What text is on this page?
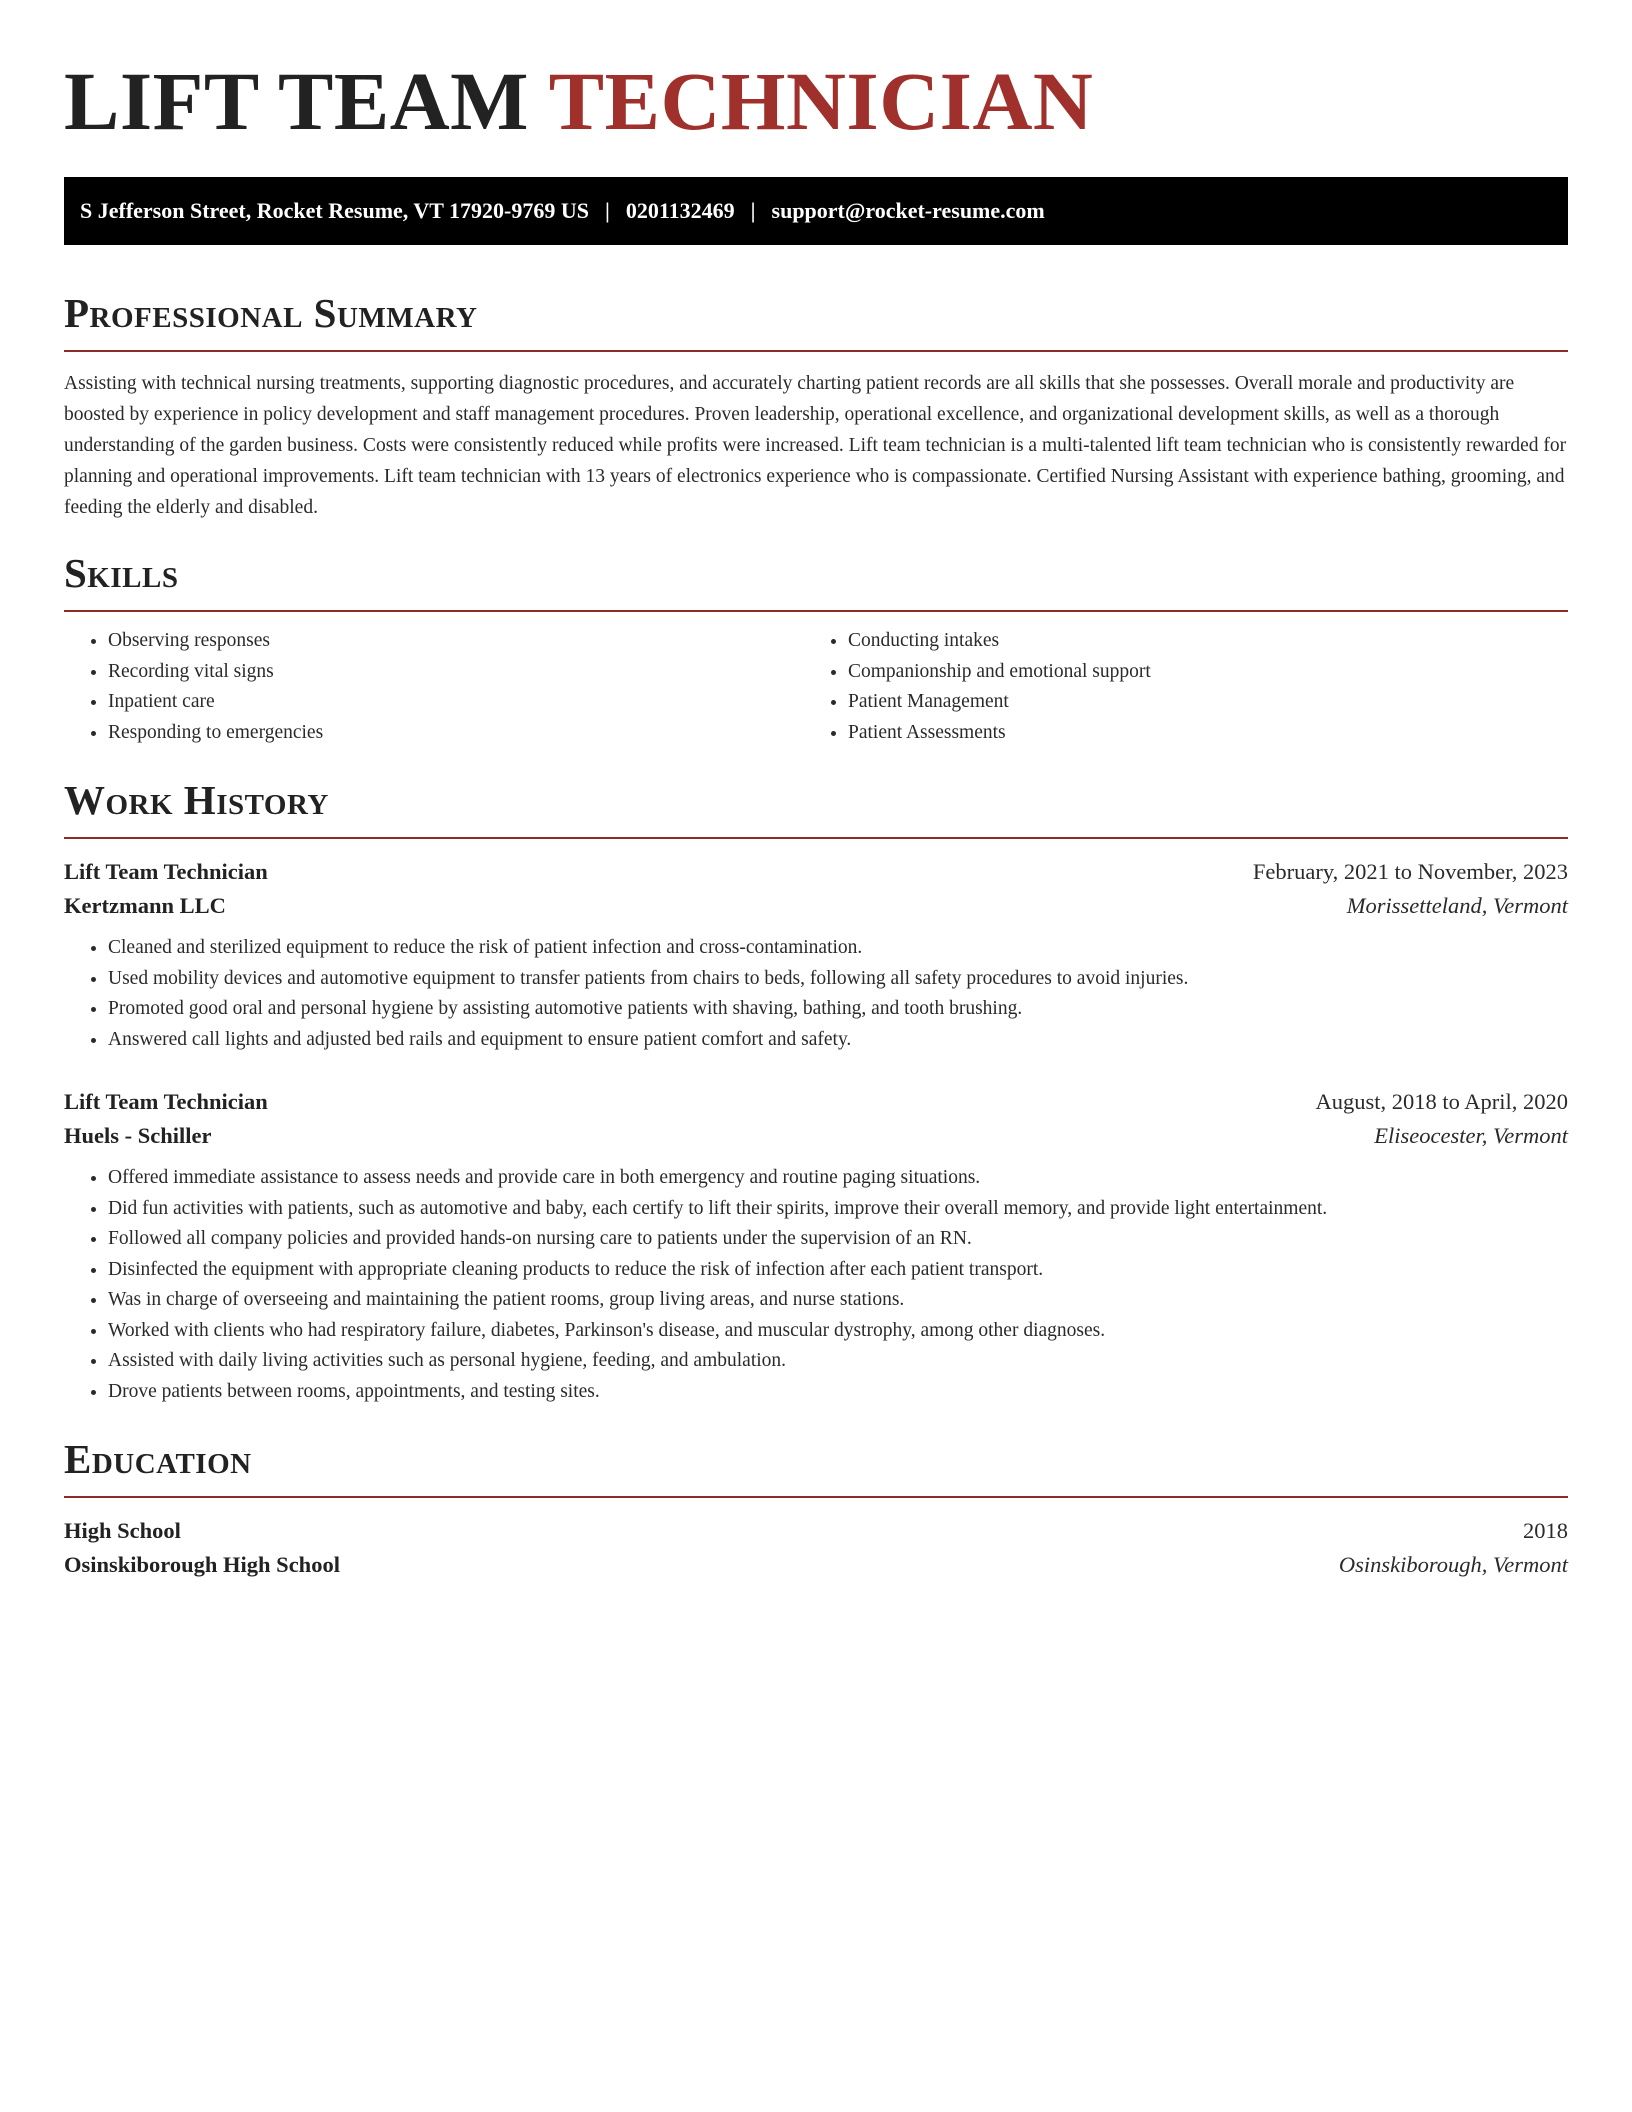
LIFT TEAM TECHNICIAN
S Jefferson Street, Rocket Resume, VT 17920-9769 US | 0201132469 | support@rocket-resume.com
Professional Summary

Assisting with technical nursing treatments, supporting diagnostic procedures, and accurately charting patient records are all skills that she possesses. Overall morale and productivity are boosted by experience in policy development and staff management procedures. Proven leadership, operational excellence, and organizational development skills, as well as a thorough understanding of the garden business. Costs were consistently reduced while profits were increased. Lift team technician is a multi-talented lift team technician who is consistently rewarded for planning and operational improvements. Lift team technician with 13 years of electronics experience who is compassionate. Certified Nursing Assistant with experience bathing, grooming, and feeding the elderly and disabled.

Skills
• Observing responses
• Recording vital signs
• Inpatient care
• Responding to emergencies
• Conducting intakes
• Companionship and emotional support
• Patient Management
• Patient Assessments
Work History
Lift Team Technician	February, 2021 to November, 2023
Kertzmann LLC	Morissetteland, Vermont
• Cleaned and sterilized equipment to reduce the risk of patient infection and cross-contamination.
• Used mobility devices and automotive equipment to transfer patients from chairs to beds, following all safety procedures to avoid injuries.
• Promoted good oral and personal hygiene by assisting automotive patients with shaving, bathing, and tooth brushing.
• Answered call lights and adjusted bed rails and equipment to ensure patient comfort and safety.
Lift Team Technician	August, 2018 to April, 2020
Huels - Schiller	Eliseocester, Vermont
• Offered immediate assistance to assess needs and provide care in both emergency and routine paging situations.
• Did fun activities with patients, such as automotive and baby, each certify to lift their spirits, improve their overall memory, and provide light entertainment.
• Followed all company policies and provided hands-on nursing care to patients under the supervision of an RN.
• Disinfected the equipment with appropriate cleaning products to reduce the risk of infection after each patient transport.
• Was in charge of overseeing and maintaining the patient rooms, group living areas, and nurse stations.
• Worked with clients who had respiratory failure, diabetes, Parkinson's disease, and muscular dystrophy, among other diagnoses.
• Assisted with daily living activities such as personal hygiene, feeding, and ambulation.
• Drove patients between rooms, appointments, and testing sites.
Education
High School	2018
Osinskiborough High School	Osinskiborough, Vermont
